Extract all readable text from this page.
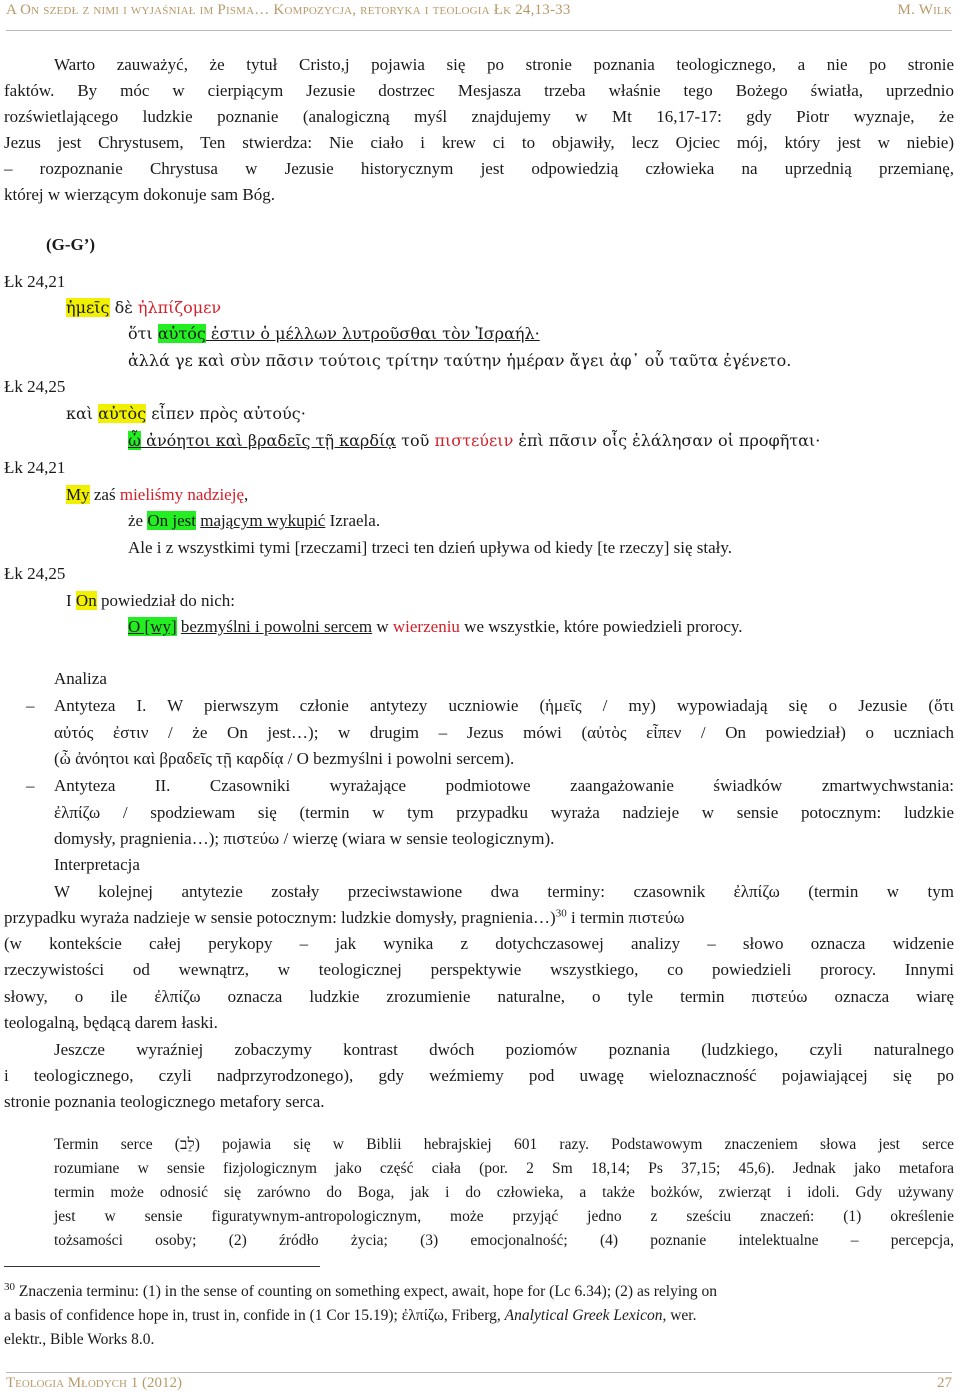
A On szedł z nimi i wyjaśniał im Pisma… Kompozycja, retoryka i teologia Łk 24,13-33	M. Wilk
Warto zauważyć, że tytuł Cristo,j pojawia się po stronie poznania teologicznego, a nie po stronie
faktów. By móc w cierpiącym Jezusie dostrzec Mesjasza trzeba właśnie tego Bożego światła, uprzednio
rozświetlającego ludzkie poznanie (analogiczną myśl znajdujemy w Mt 16,17-17: gdy Piotr wyznaje, że
Jezus jest Chrystusem, Ten stwierdza: Nie ciało i krew ci to objawiły, lecz Ojciec mój, który jest w niebie)
– rozpoznanie Chrystusa w Jezusie historycznym jest odpowiedzią człowieka na uprzednią przemianę,
której w wierzącym dokonuje sam Bóg.
(G-G’)
Łk 24,21
ἡμεῖς δὲ ἠλπίζομεν
ὅτι αὐτός ἐστιν ὁ μέλλων λυτροῦσθαι τὸν Ἰσραήλ·
ἀλλά γε καὶ σὺν πᾶσιν τούτοις τρίτην ταύτην ἡμέραν ἄγει ἀφ᾽ οὗ ταῦτα ἐγένετο.
Łk 24,25
καὶ αὐτὸς εἶπεν πρὸς αὐτούς·
ὦ ἀνόητοι καὶ βραδεῖς τῇ καρδίᾳ τοῦ πιστεύειν ἐπὶ πᾶσιν οἷς ἐλάλησαν οἱ προφῆται·
Łk 24,21
My zaś mieliśmy nadzieję,
że On jest mającym wykupić Izraela.
Ale i z wszystkimi tymi [rzeczami] trzeci ten dzień upływa od kiedy [te rzeczy] się stały.
Łk 24,25
I On powiedział do nich:
O [wy] bezmyślni i powolni sercem w wierzeniu we wszystkie, które powiedzieli prorocy.
Analiza
– Antyteza I. W pierwszym członie antytezy uczniowie (ἡμεῖς / my) wypowiadają się o Jezusie (ὅτι
αὐτός ἐστιν / że On jest…); w drugim – Jezus mówi (αὐτὸς εἶπεν / On powiedział) o uczniach
(ὦ ἀνόητοι καὶ βραδεῖς τῇ καρδίᾳ / O bezmyślni i powolni sercem).
– Antyteza II. Czasowniki wyrażające podmiotowe zaangażowanie świadków zmartwychwstania:
ἐλπίζω / spodziewam się (termin w tym przypadku wyraża nadzieje w sensie potocznym: ludzkie
domysły, pragnienia…); πιστεύω / wierzę (wiara w sensie teologicznym).
Interpretacja
W kolejnej antytezie zostały przeciwstawione dwa terminy: czasownik ἐλπίζω (termin w tym
przypadku wyraża nadzieje w sensie potocznym: ludzkie domysły, pragnienia…)$^{30}$ i termin πιστεύω
(w kontekście całej perykopy – jak wynika z dotychczasowej analizy – słowo oznacza widzenie
rzeczywistości od wewnątrz, w teologicznej perspektywie wszystkiego, co powiedzieli prorocy. Innymi
słowy, o ile ἐλπίζω oznacza ludzkie zrozumienie naturalne, o tyle termin πιστεύω oznacza wiarę
teologalną, będącą darem łaski.
Jeszcze wyraźniej zobaczymy kontrast dwóch poziomów poznania (ludzkiego, czyli naturalnego
i teologicznego, czyli nadprzyrodzonego), gdy weźmiemy pod uwagę wieloznaczność pojawiającej się po
stronie poznania teologicznego metafory serca.
Termin serce (לֵב) pojawia się w Biblii hebrajskiej 601 razy. Podstawowym znaczeniem słowa jest serce
rozumiane w sensie fizjologicznym jako część ciała (por. 2 Sm 18,14; Ps 37,15; 45,6). Jednak jako metafora
termin może odnosić się zarówno do Boga, jak i do człowieka, a także bożków, zwierząt i idoli. Gdy używany
jest w sensie figuratywnym-antropologicznym, może przyjąć jedno z sześciu znaczeń: (1) określenie
tożsamości osoby; (2) źródło życia; (3) emocjonalność; (4) poznanie intelektualne – percepcja,
$^{30}$ Znaczenia terminu: (1) in the sense of counting on something expect, await, hope for (Lc 6.34); (2) as relying on
a basis of confidence hope in, trust in, confide in (1 Cor 15.19); ἐλπίζω, Friberg, Analytical Greek Lexicon, wer.
elektr., Bible Works 8.0.
Teologia Młodych 1 (2012)	27
